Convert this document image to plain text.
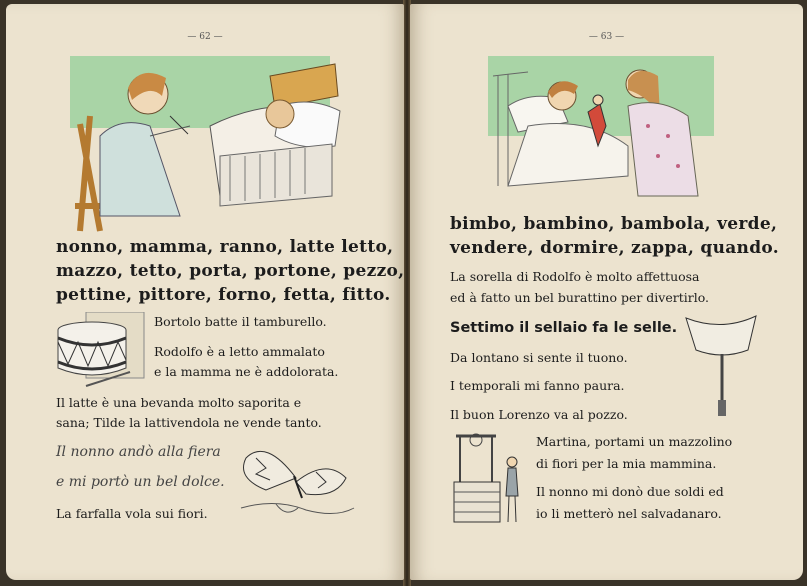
— 62 —
nonno, mamma, ranno, latte letto,
mazzo, tetto, porta, portone, pezzo,
pettine, pittore, forno, fetta, fitto.
Bortolo batte il tamburello.
Rodolfo è a letto ammalato
e la mamma ne è addolorata.
Il latte è una bevanda molto saporita e
sana; Tilde la lattivendola ne vende tanto.
Il nonno andò alla fiera
e mi portò un bel dolce.
La farfalla vola sui fiori.
— 63 —
bimbo, bambino, bambola, verde,
vendere, dormire, zappa, quando.
La sorella di Rodolfo è molto affettuosa
ed à fatto un bel burattino per divertirlo.
Settimo il sellaio fa le selle.
Da lontano si sente il tuono.
I temporali mi fanno paura.
Il buon Lorenzo va al pozzo.
Martina, portami un mazzolino
di fiori per la mia mammina.
Il nonno mi donò due soldi ed
io li metterò nel salvadanaro.
